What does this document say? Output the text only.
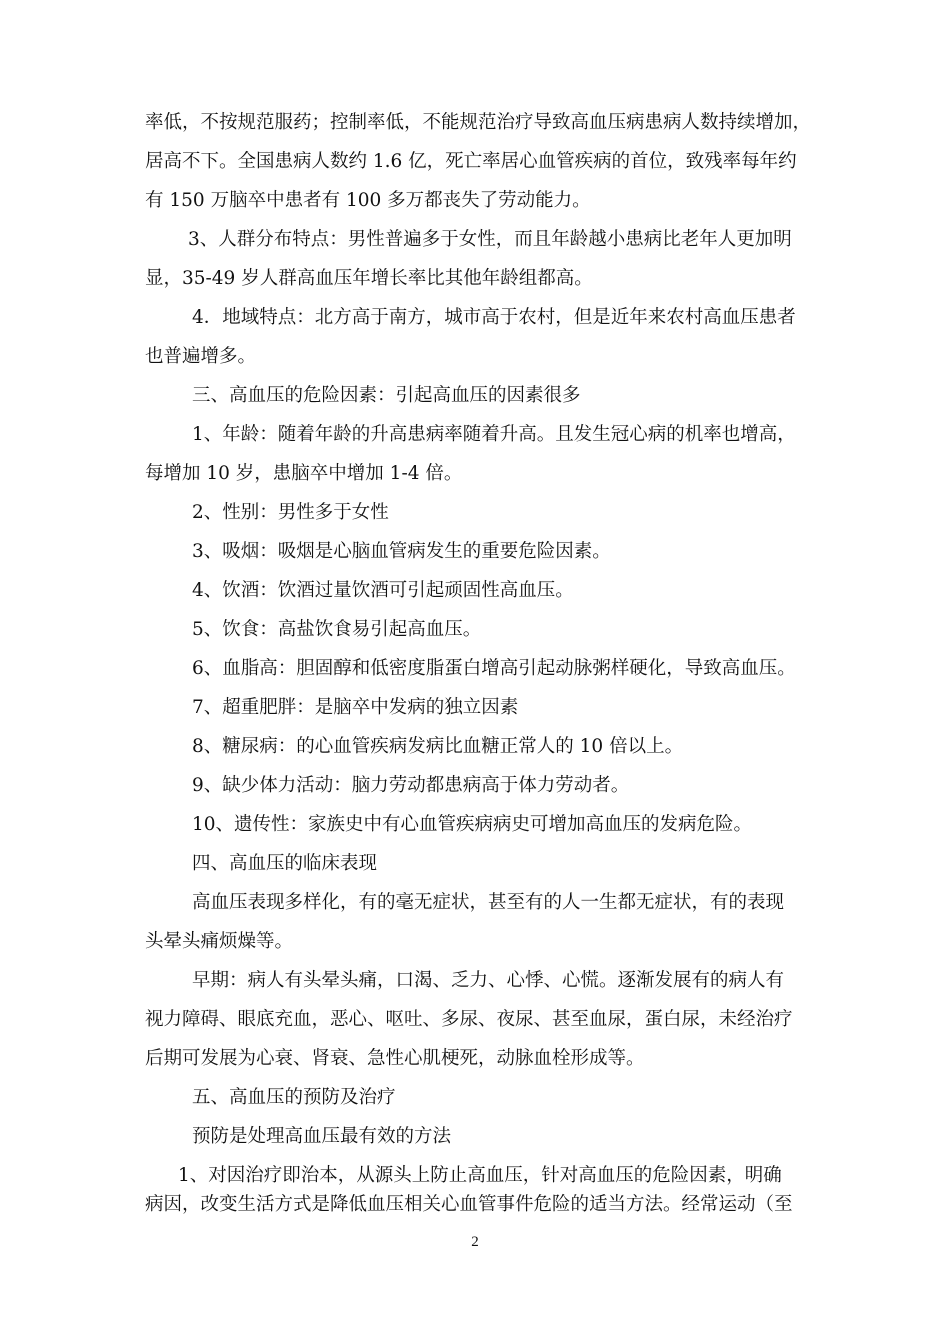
率低，不按规范服药；控制率低，不能规范治疗导致高血压病患病人数持续增加，
居高不下。全国患病人数约 1.6 亿，死亡率居心血管疾病的首位，致残率每年约
有 150 万脑卒中患者有 100 多万都丧失了劳动能力。
3、人群分布特点：男性普遍多于女性，而且年龄越小患病比老年人更加明
显，35-49 岁人群高血压年增长率比其他年龄组都高。
4．地域特点：北方高于南方，城市高于农村，但是近年来农村高血压患者
也普遍增多。
三、高血压的危险因素：引起高血压的因素很多
1、年龄：随着年龄的升高患病率随着升高。且发生冠心病的机率也增高，
每增加 10 岁，患脑卒中增加 1-4 倍。
2、性别：男性多于女性
3、吸烟：吸烟是心脑血管病发生的重要危险因素。
4、饮酒：饮酒过量饮酒可引起顽固性高血压。
5、饮食：高盐饮食易引起高血压。
6、血脂高：胆固醇和低密度脂蛋白增高引起动脉粥样硬化，导致高血压。
7、超重肥胖：是脑卒中发病的独立因素
8、糖尿病：的心血管疾病发病比血糖正常人的 10 倍以上。
9、缺少体力活动：脑力劳动都患病高于体力劳动者。
10、遗传性：家族史中有心血管疾病病史可增加高血压的发病危险。
四、高血压的临床表现
高血压表现多样化，有的毫无症状，甚至有的人一生都无症状，有的表现
头晕头痛烦燥等。
早期：病人有头晕头痛，口渴、乏力、心悸、心慌。逐渐发展有的病人有
视力障碍、眼底充血，恶心、呕吐、多尿、夜尿、甚至血尿，蛋白尿，未经治疗
后期可发展为心衰、肾衰、急性心肌梗死，动脉血栓形成等。
五、高血压的预防及治疗
预防是处理高血压最有效的方法
1、对因治疗即治本，从源头上防止高血压，针对高血压的危险因素，明确
病因，改变生活方式是降低血压相关心血管事件危险的适当方法。经常运动（至
2
